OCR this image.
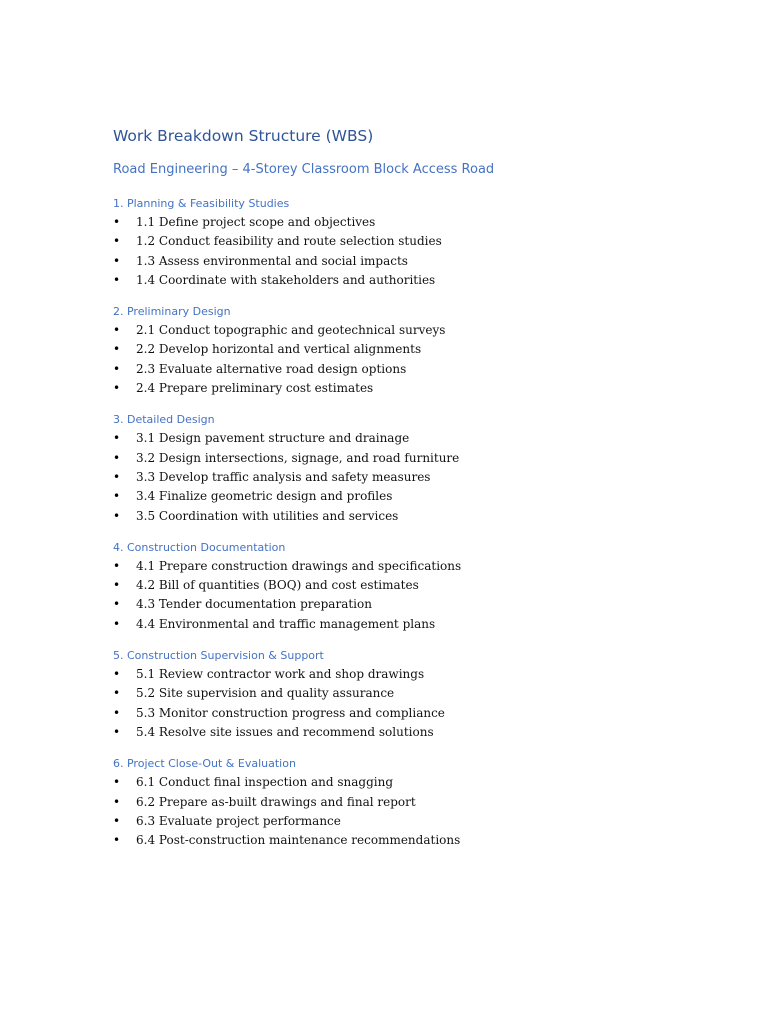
Work Breakdown Structure (WBS)
Road Engineering – 4-Storey Classroom Block Access Road
1. Planning & Feasibility Studies
• 1.1 Define project scope and objectives
• 1.2 Conduct feasibility and route selection studies
• 1.3 Assess environmental and social impacts
• 1.4 Coordinate with stakeholders and authorities
2. Preliminary Design
• 2.1 Conduct topographic and geotechnical surveys
• 2.2 Develop horizontal and vertical alignments
• 2.3 Evaluate alternative road design options
• 2.4 Prepare preliminary cost estimates
3. Detailed Design
• 3.1 Design pavement structure and drainage
• 3.2 Design intersections, signage, and road furniture
• 3.3 Develop traffic analysis and safety measures
• 3.4 Finalize geometric design and profiles
• 3.5 Coordination with utilities and services
4. Construction Documentation
• 4.1 Prepare construction drawings and specifications
• 4.2 Bill of quantities (BOQ) and cost estimates
• 4.3 Tender documentation preparation
• 4.4 Environmental and traffic management plans
5. Construction Supervision & Support
• 5.1 Review contractor work and shop drawings
• 5.2 Site supervision and quality assurance
• 5.3 Monitor construction progress and compliance
• 5.4 Resolve site issues and recommend solutions
6. Project Close-Out & Evaluation
• 6.1 Conduct final inspection and snagging
• 6.2 Prepare as-built drawings and final report
• 6.3 Evaluate project performance
• 6.4 Post-construction maintenance recommendations
